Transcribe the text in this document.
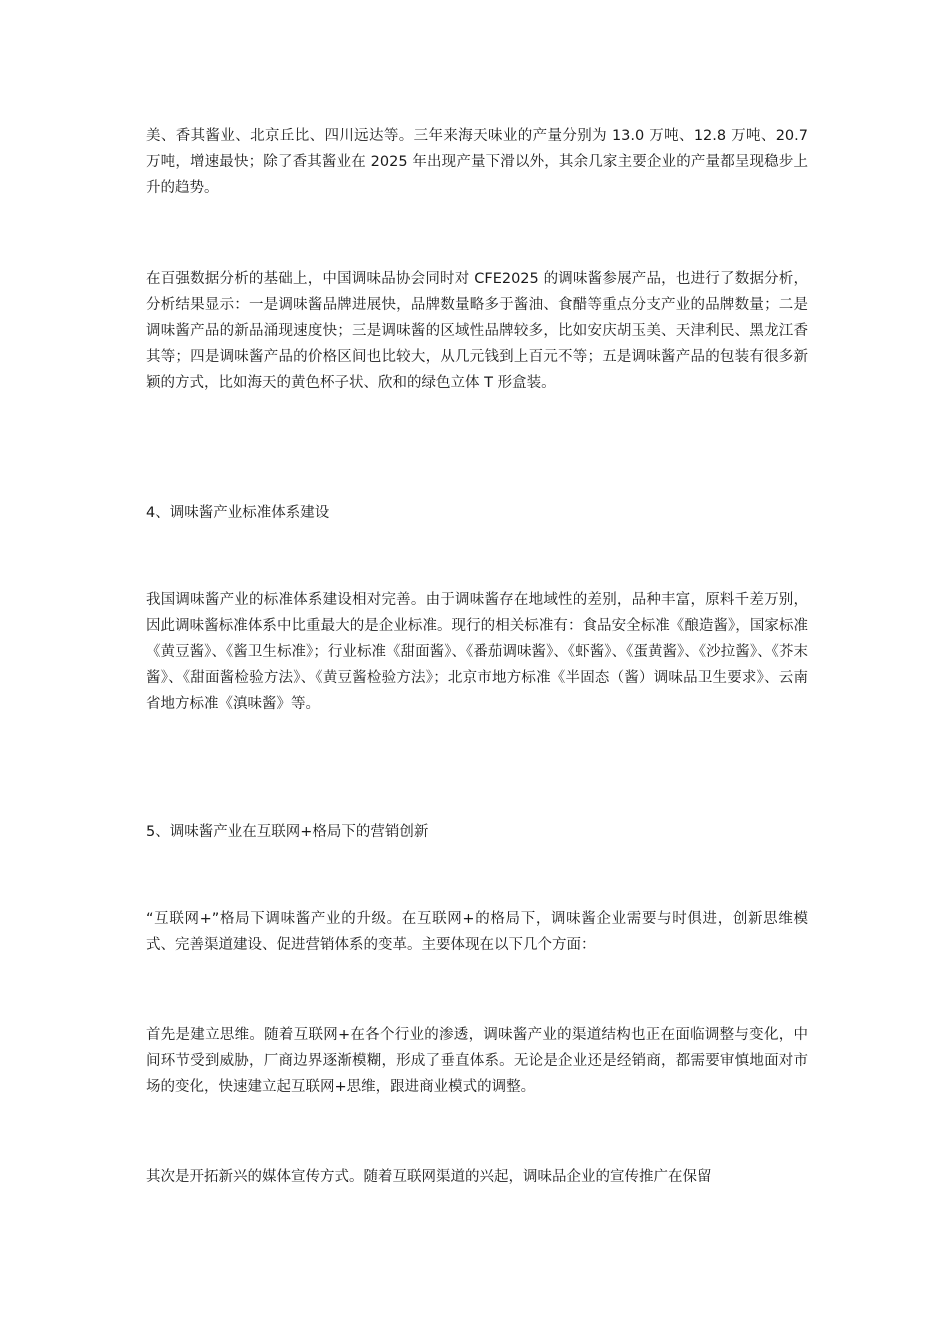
美、香其酱业、北京丘比、四川远达等。三年来海天味业的产量分别为 13.0 万吨、12.8 万吨、20.7 万吨，增速最快；除了香其酱业在 2025 年出现产量下滑以外，其余几家主要企业的产量都呈现稳步上升的趋势。

在百强数据分析的基础上，中国调味品协会同时对 CFE2025 的调味酱参展产品，也进行了数据分析，分析结果显示：一是调味酱品牌进展快，品牌数量略多于酱油、食醋等重点分支产业的品牌数量；二是调味酱产品的新品涌现速度快；三是调味酱的区域性品牌较多，比如安庆胡玉美、天津利民、黑龙江香其等；四是调味酱产品的价格区间也比较大，从几元钱到上百元不等；五是调味酱产品的包装有很多新颖的方式，比如海天的黄色杯子状、欣和的绿色立体 T 形盒装。

4、调味酱产业标准体系建设

我国调味酱产业的标准体系建设相对完善。由于调味酱存在地域性的差别，品种丰富，原料千差万别，因此调味酱标准体系中比重最大的是企业标准。现行的相关标准有：食品安全标准《酿造酱》，国家标准《黄豆酱》、《酱卫生标准》；行业标准《甜面酱》、《番茄调味酱》、《虾酱》、《蛋黄酱》、《沙拉酱》、《芥末酱》、《甜面酱检验方法》、《黄豆酱检验方法》；北京市地方标准《半固态（酱）调味品卫生要求》、云南省地方标准《滇味酱》等。

5、调味酱产业在互联网+格局下的营销创新

“互联网+”格局下调味酱产业的升级。在互联网+的格局下，调味酱企业需要与时俱进，创新思维模式、完善渠道建设、促进营销体系的变革。主要体现在以下几个方面：

首先是建立思维。随着互联网+在各个行业的渗透，调味酱产业的渠道结构也正在面临调整与变化，中间环节受到威胁，厂商边界逐渐模糊，形成了垂直体系。无论是企业还是经销商，都需要审慎地面对市场的变化，快速建立起互联网+思维，跟进商业模式的调整。

其次是开拓新兴的媒体宣传方式。随着互联网渠道的兴起，调味品企业的宣传推广在保留
